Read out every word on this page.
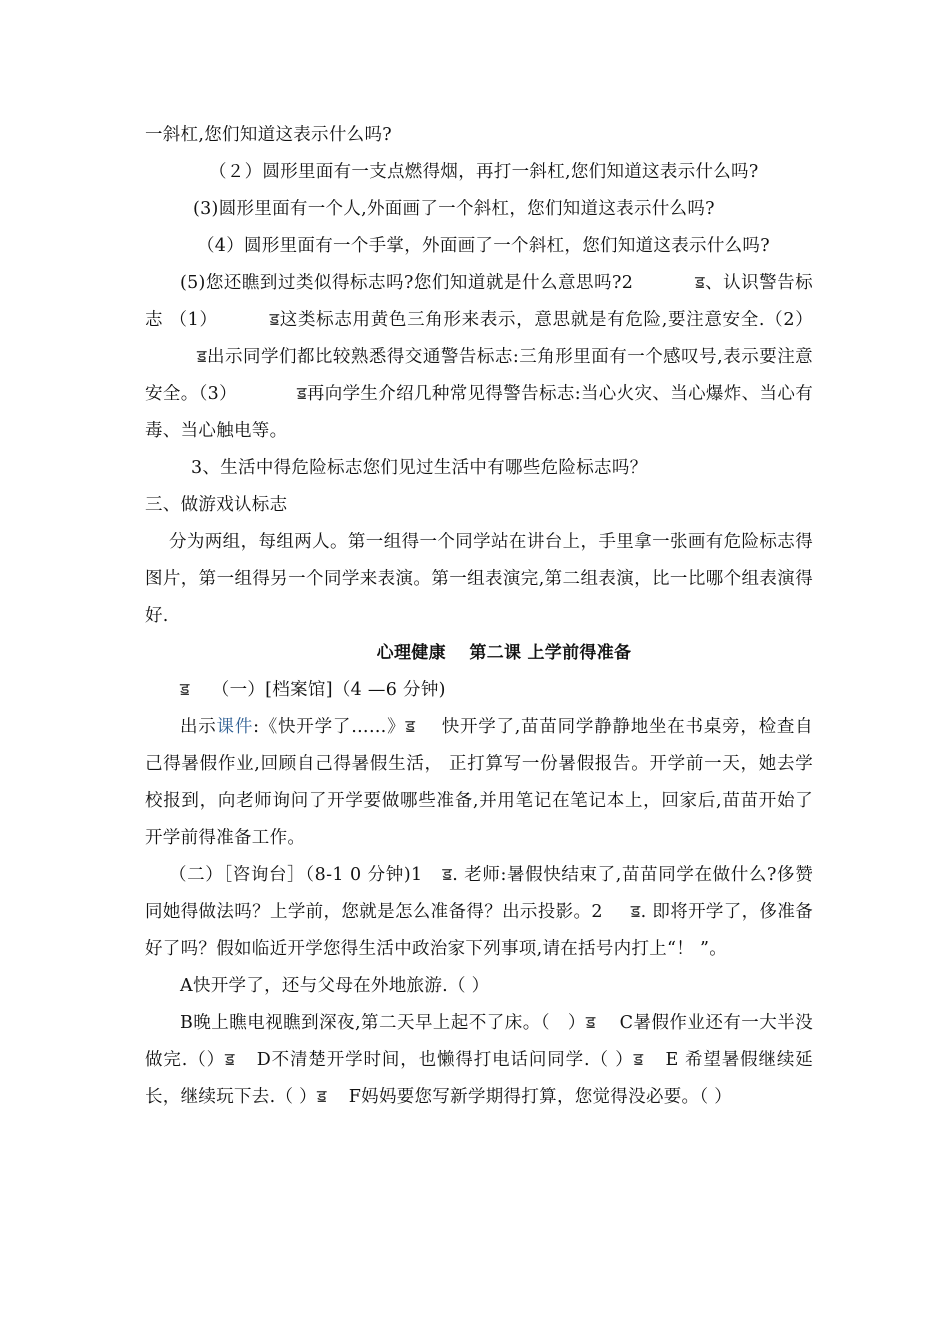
一斜杠,您们知道这表示什么吗?

（２）圆形里面有一支点燃得烟，再打一斜杠,您们知道这表示什么吗?

(3)圆形里面有一个人,外面画了一个斜杠，您们知道这表示什么吗?

（4）圆形里面有一个手掌，外面画了一个斜杠，您们知道这表示什么吗?

(5)您还瞧到过类似得标志吗?您们知道就是什么意思吗?2	ॾ、认识警告标志 （1）	ॾ这类标志用黄色三角形来表示，意思就是有危险,要注意安全.（2）ॾ出示同学们都比较熟悉得交通警告标志:三角形里面有一个感叹号,表示要注意安全。（3）	ॾ再向学生介绍几种常见得警告标志:当心火灾、当心爆炸、当心有毒、当心触电等。

3、生活中得危险标志您们见过生活中有哪些危险标志吗？

三、做游戏认标志

分为两组，每组两人。第一组得一个同学站在讲台上，手里拿一张画有危险标志得图片，第一组得另一个同学来表演。第一组表演完,第二组表演，比一比哪个组表演得好.

心理健康　 第二课 上学前得准备

ॾ （一）[档案馆]（4 —6 分钟)

出示课件:《快开学了……》ॾ 快开学了,苗苗同学静静地坐在书桌旁，检查自己得暑假作业,回顾自己得暑假生活， 正打算写一份暑假报告。开学前一天，她去学校报到，向老师询问了开学要做哪些准备,并用笔记在笔记本上，回家后,苗苗开始了开学前得准备工作。

（二）［咨询台］（8-1 0 分钟)1 ॾ. 老师:暑假快结束了,苗苗同学在做什么?侈赞同她得做法吗？上学前，您就是怎么准备得？出示投影。2 ॾ. 即将开学了，侈准备好了吗？假如临近开学您得生活中政治家下列事项,请在括号内打上“！ ”。

A快开学了，还与父母在外地旅游.（ ）

B晚上瞧电视瞧到深夜,第二天早上起不了床。（　）ॾ C暑假作业还有一大半没做完.（）ॾ D不清楚开学时间，也懒得打电话问同学.（ ）ॾ E 希望暑假继续延长，继续玩下去.（ ）ॾ F妈妈要您写新学期得打算，您觉得没必要。（ ）
